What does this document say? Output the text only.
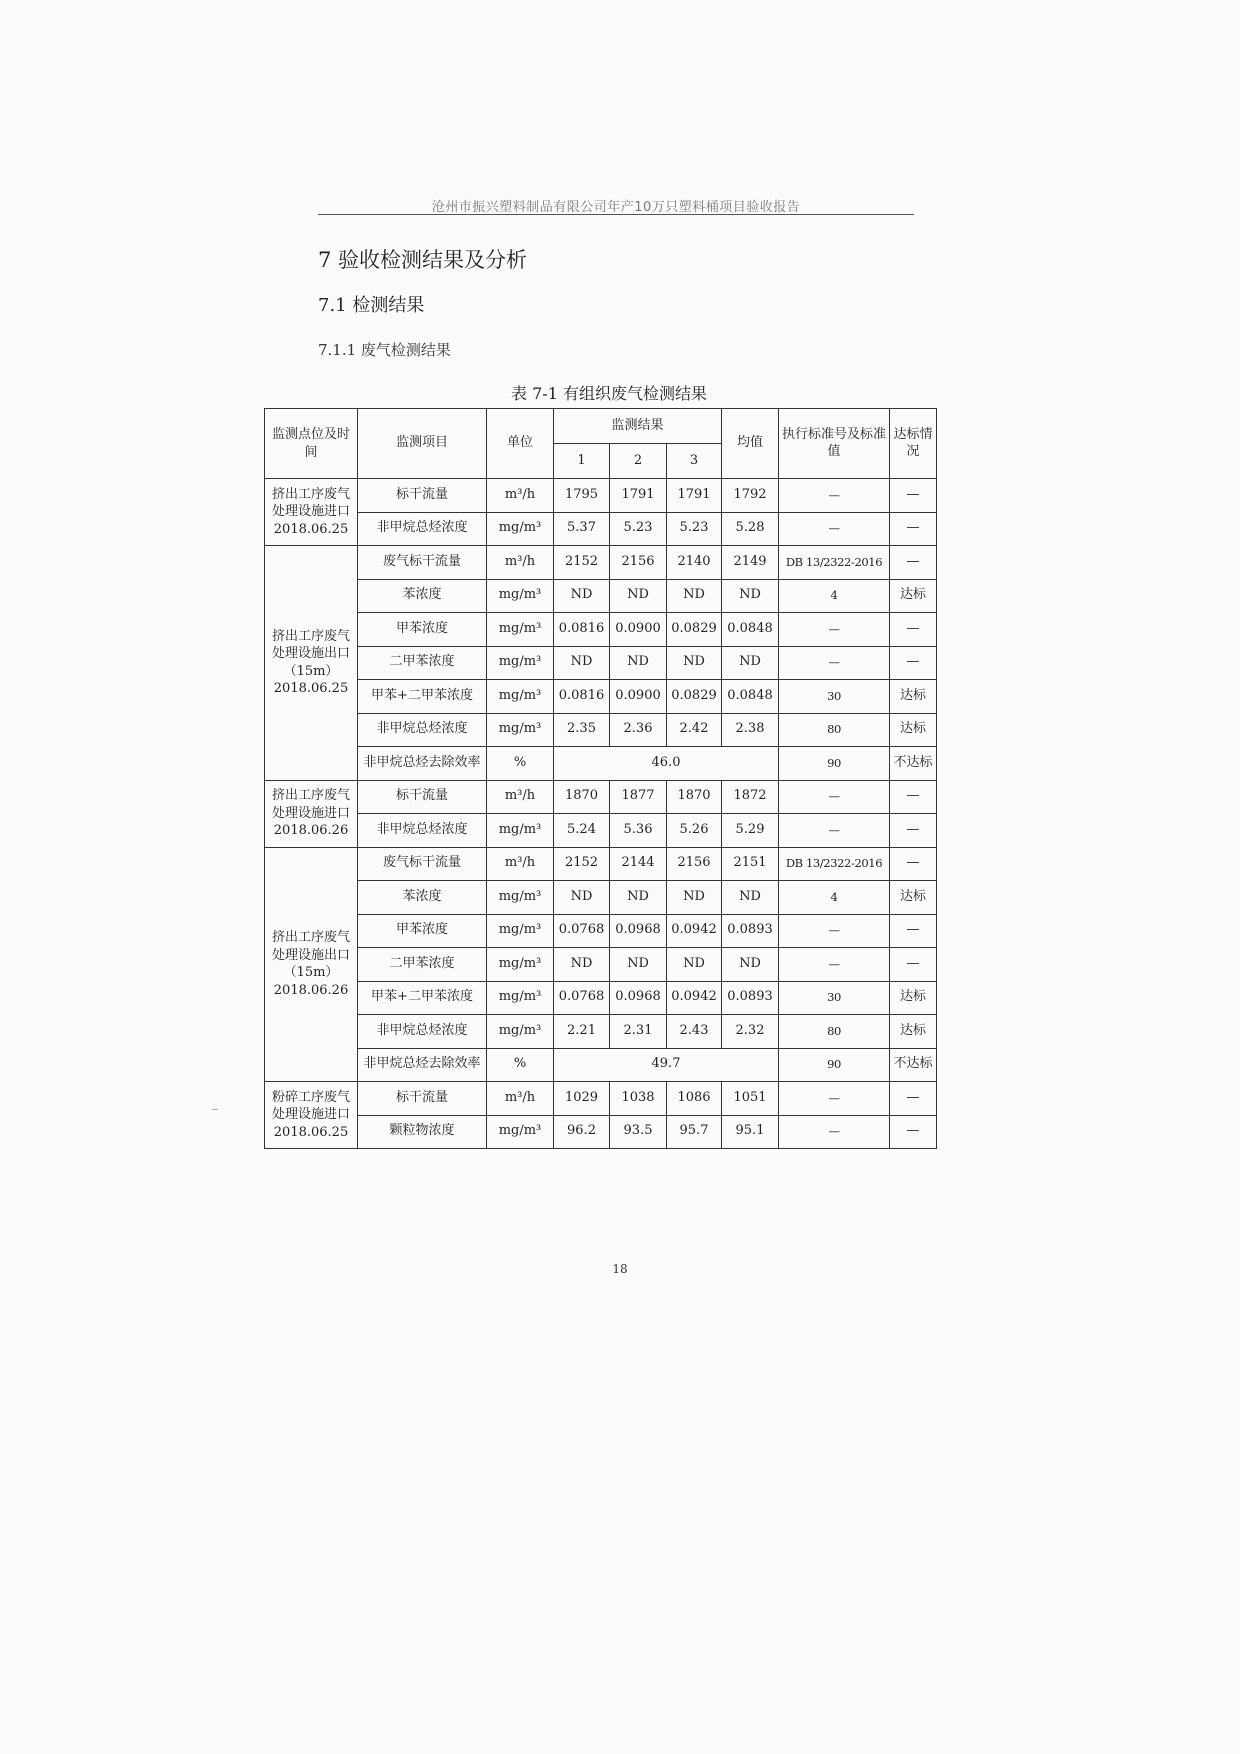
沧州市振兴塑料制品有限公司年产10万只塑料桶项目验收报告
7 验收检测结果及分析
7.1 检测结果
7.1.1 废气检测结果
表 7-1 有组织废气检测结果
监测点位及时间	监测项目	单位	监测结果			均值	执行标准号及标准值	达标情况
			1	2	3			
挤出工序废气处理设施进口2018.06.25	标干流量	m³/h	1795	1791	1791	1792	—	—
	非甲烷总烃浓度	mg/m³	5.37	5.23	5.23	5.28	—	—
挤出工序废气处理设施出口（15m）2018.06.25	废气标干流量	m³/h	2152	2156	2140	2149	DB 13/2322-2016	—
	苯浓度	mg/m³	ND	ND	ND	ND	4	达标
	甲苯浓度	mg/m³	0.0816	0.0900	0.0829	0.0848	—	—
	二甲苯浓度	mg/m³	ND	ND	ND	ND	—	—
	甲苯+二甲苯浓度	mg/m³	0.0816	0.0900	0.0829	0.0848	30	达标
	非甲烷总烃浓度	mg/m³	2.35	2.36	2.42	2.38	80	达标
	非甲烷总烃去除效率	%	46.0				90	不达标
挤出工序废气处理设施进口2018.06.26	标干流量	m³/h	1870	1877	1870	1872	—	—
	非甲烷总烃浓度	mg/m³	5.24	5.36	5.26	5.29	—	—
挤出工序废气处理设施出口（15m）2018.06.26	废气标干流量	m³/h	2152	2144	2156	2151	DB 13/2322-2016	—
	苯浓度	mg/m³	ND	ND	ND	ND	4	达标
	甲苯浓度	mg/m³	0.0768	0.0968	0.0942	0.0893	—	—
	二甲苯浓度	mg/m³	ND	ND	ND	ND	—	—
	甲苯+二甲苯浓度	mg/m³	0.0768	0.0968	0.0942	0.0893	30	达标
	非甲烷总烃浓度	mg/m³	2.21	2.31	2.43	2.32	80	达标
	非甲烷总烃去除效率	%	49.7				90	不达标
粉碎工序废气处理设施进口2018.06.25	标干流量	m³/h	1029	1038	1086	1051	—	—
	颗粒物浓度	mg/m³	96.2	93.5	95.7	95.1	—	—
18
